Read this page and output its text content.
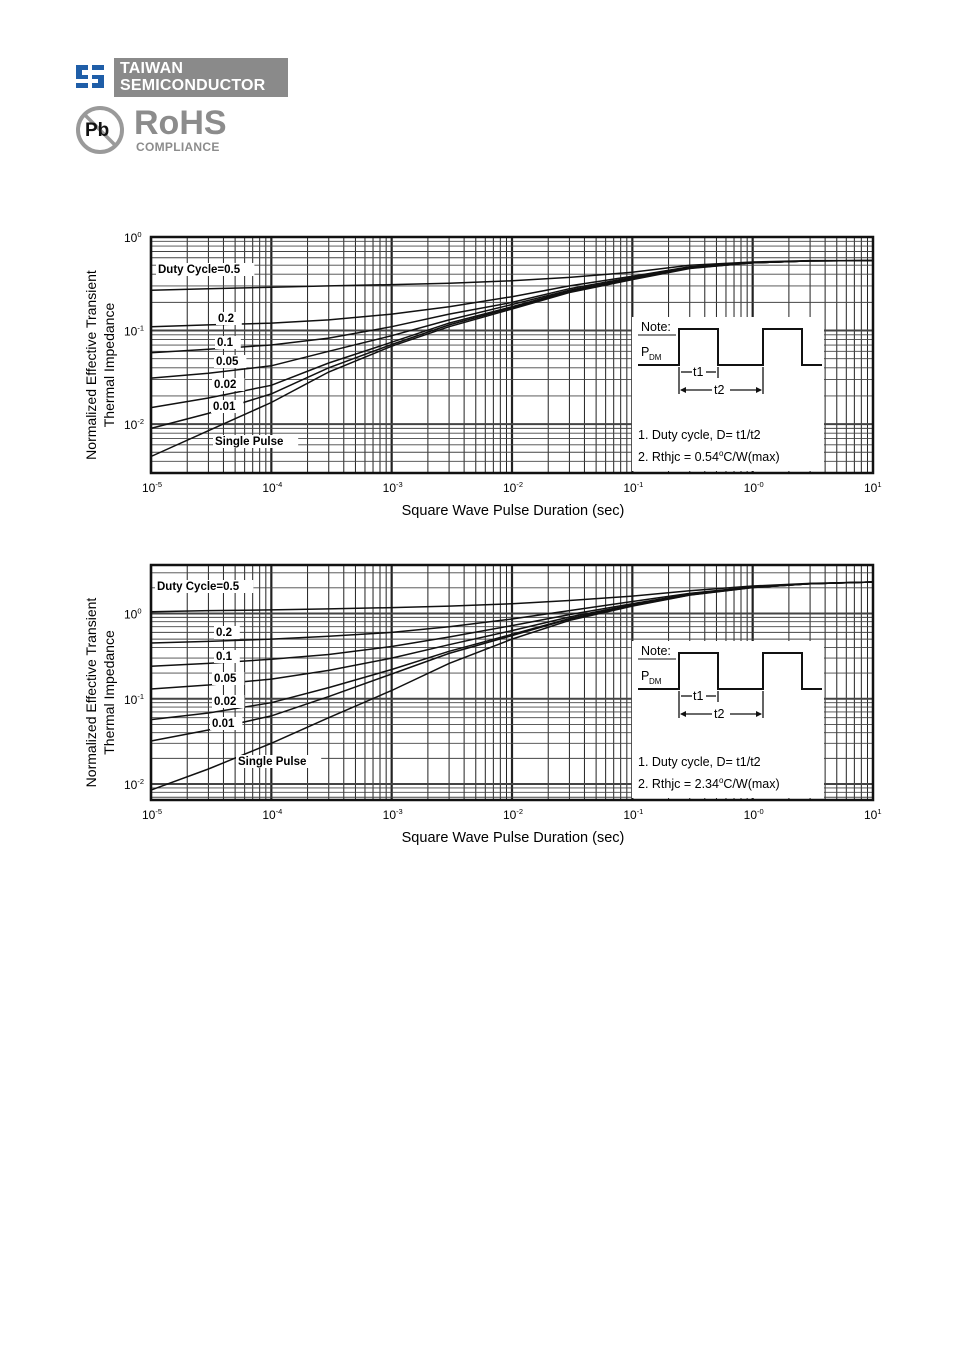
TAIWAN
SEMICONDUCTOR
Pb RoHS
COMPLIANCE
Note:
P DM
t1
t2
1. Duty cycle, D= t1/t2
2. Rthjc = $0.54^oC/W(\max)$
Duty Cycle=0.5
0.2
0.1
0.05
0.02
0.01
Single Pulse
$10^{-5}$	$10^{-4}$	$10^{-3}$	$10^{-2}$	$10^{-1}$	$10^{-0}$	$10^1$
$10^0$
$10^{-1}$
$10^{-2}$
Square Wave Pulse Duration (sec)
Normalized Effective Transient Thermal Impedance
Note:
P DM
t1
t2
1. Duty cycle, D= t1/t2
2. Rthjc = $2.34^oC/W(\max)$
Duty Cycle=0.5
0.2
0.1
0.05
0.02
0.01
Single Pulse
$10^{-5}$	$10^{-4}$	$10^{-3}$	$10^{-2}$	$10^{-1}$	$10^{-0}$	$10^1$
$10^0$
$10^{-1}$
$10^{-2}$
Square Wave Pulse Duration (sec)
Normalized Effective Transient Thermal Impedance
